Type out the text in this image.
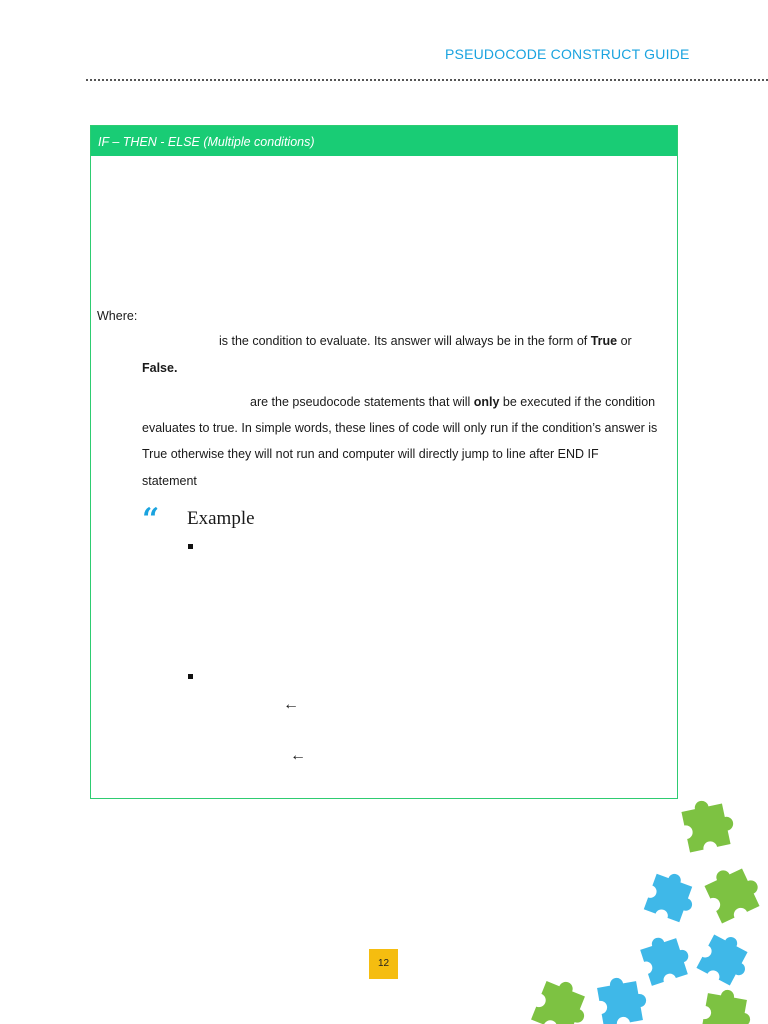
PSEUDOCODE CONSTRUCT GUIDE
IF – THEN - ELSE (Multiple conditions)
Where:
is the condition to evaluate. Its answer will always be in the form of True or
False.
are the pseudocode statements that will only be executed if the condition
evaluates to true. In simple words, these lines of code will only run if the condition’s answer is
True otherwise they will not run and computer will directly jump to line after END IF
statement
“ Example
←
←
12
